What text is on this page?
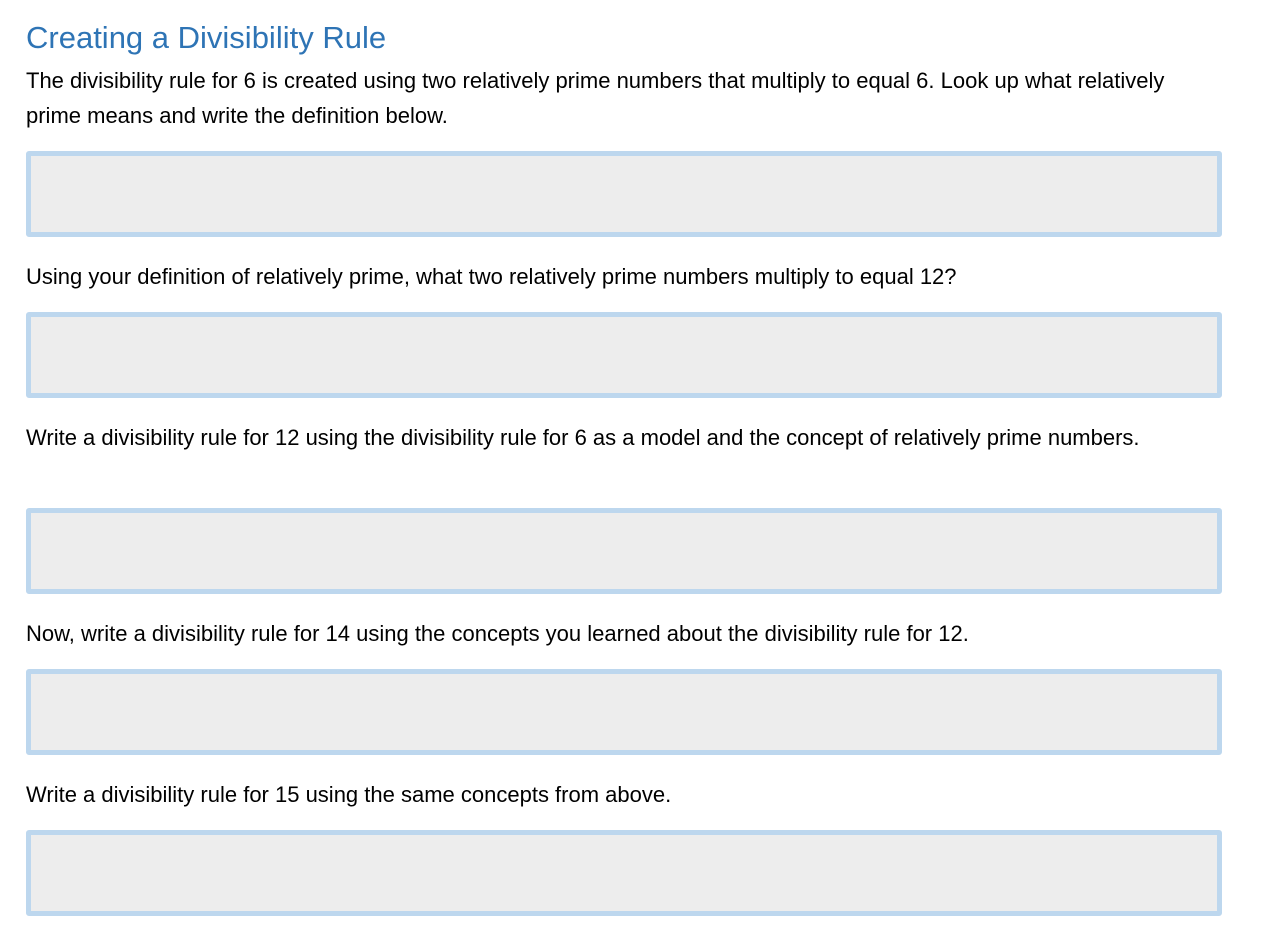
Creating a Divisibility Rule
The divisibility rule for 6 is created using two relatively prime numbers that multiply to equal 6. Look up what relatively prime means and write the definition below.
Using your definition of relatively prime, what two relatively prime numbers multiply to equal 12?
Write a divisibility rule for 12 using the divisibility rule for 6 as a model and the concept of relatively prime numbers.
Now, write a divisibility rule for 14 using the concepts you learned about the divisibility rule for 12.
Write a divisibility rule for 15 using the same concepts from above.
